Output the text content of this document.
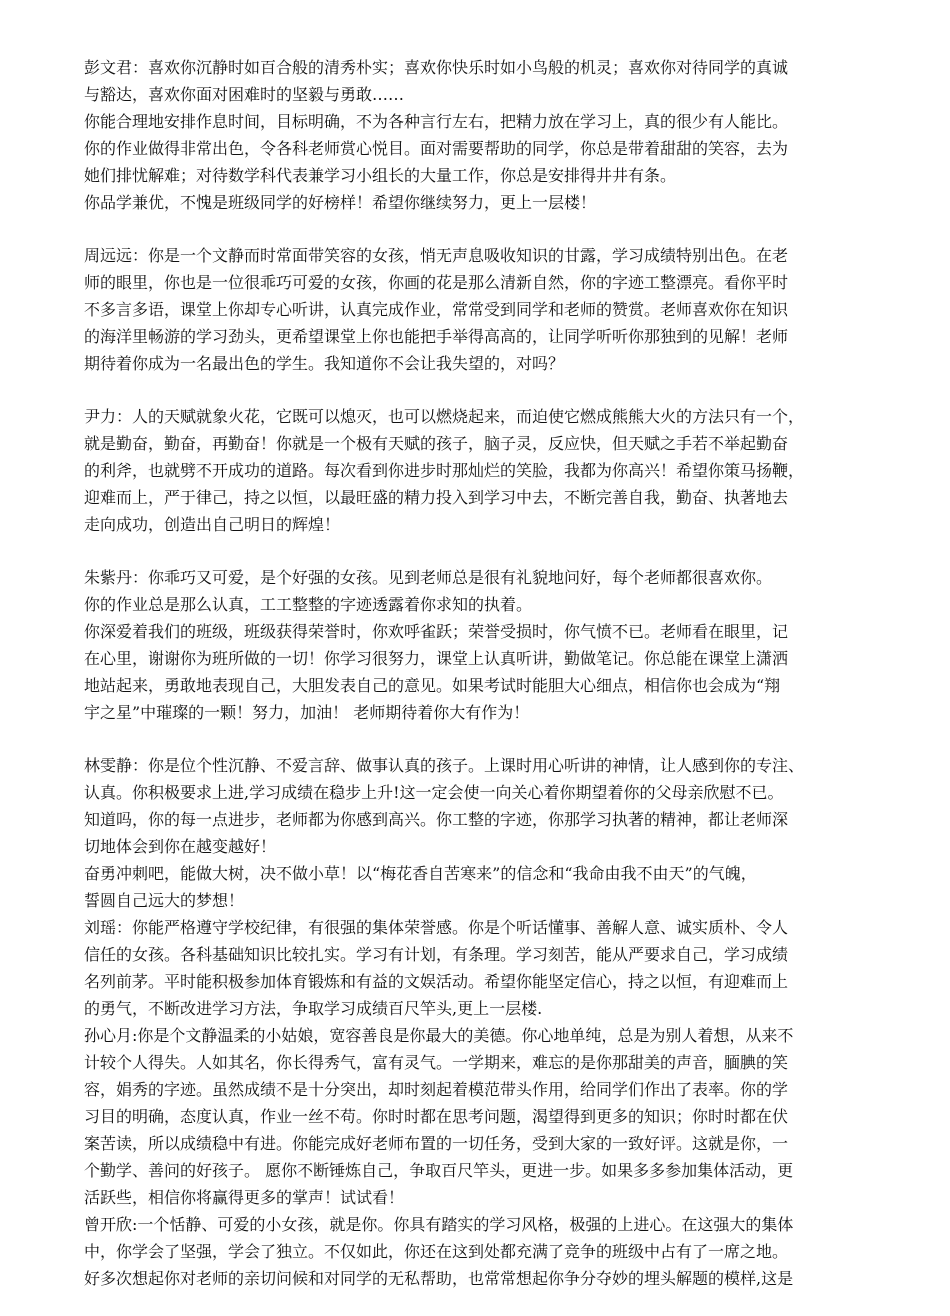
彭文君：喜欢你沉静时如百合般的清秀朴实；喜欢你快乐时如小鸟般的机灵；喜欢你对待同学的真诚
与豁达，喜欢你面对困难时的坚毅与勇敢……
你能合理地安排作息时间，目标明确，不为各种言行左右，把精力放在学习上，真的很少有人能比。
你的作业做得非常出色，令各科老师赏心悦目。面对需要帮助的同学，你总是带着甜甜的笑容，去为
她们排忧解难；对待数学科代表兼学习小组长的大量工作，你总是安排得井井有条。
你品学兼优，不愧是班级同学的好榜样！希望你继续努力，更上一层楼！
周远远：你是一个文静而时常面带笑容的女孩，悄无声息吸收知识的甘露，学习成绩特别出色。在老
师的眼里，你也是一位很乖巧可爱的女孩，你画的花是那么清新自然，你的字迹工整漂亮。看你平时
不多言多语，课堂上你却专心听讲，认真完成作业，常常受到同学和老师的赞赏。老师喜欢你在知识
的海洋里畅游的学习劲头，更希望课堂上你也能把手举得高高的，让同学听听你那独到的见解！老师
期待着你成为一名最出色的学生。我知道你不会让我失望的，对吗？
尹力：人的天赋就象火花，它既可以熄灭，也可以燃烧起来，而迫使它燃成熊熊大火的方法只有一个，
就是勤奋，勤奋，再勤奋！你就是一个极有天赋的孩子，脑子灵，反应快，但天赋之手若不举起勤奋
的利斧，也就劈不开成功的道路。每次看到你进步时那灿烂的笑脸，我都为你高兴！希望你策马扬鞭，
迎难而上，严于律己，持之以恒，以最旺盛的精力投入到学习中去，不断完善自我，勤奋、执著地去
走向成功，创造出自己明日的辉煌！
朱紫丹：你乖巧又可爱，是个好强的女孩。见到老师总是很有礼貌地问好，每个老师都很喜欢你。
你的作业总是那么认真，工工整整的字迹透露着你求知的执着。
你深爱着我们的班级，班级获得荣誉时，你欢呼雀跃；荣誉受损时，你气愤不已。老师看在眼里，记
在心里，谢谢你为班所做的一切！你学习很努力，课堂上认真听讲，勤做笔记。你总能在课堂上潇洒
地站起来，勇敢地表现自己，大胆发表自己的意见。如果考试时能胆大心细点，相信你也会成为“翔
宇之星”中璀璨的一颗！努力，加油！ 老师期待着你大有作为！
林雯静：你是位个性沉静、不爱言辞、做事认真的孩子。上课时用心听讲的神情，让人感到你的专注、
认真。你积极要求上进,学习成绩在稳步上升!这一定会使一向关心着你期望着你的父母亲欣慰不已。
知道吗，你的每一点进步，老师都为你感到高兴。你工整的字迹，你那学习执著的精神，都让老师深
切地体会到你在越变越好！
奋勇冲刺吧，能做大树，决不做小草！以“梅花香自苦寒来”的信念和“我命由我不由天”的气魄，
誓圆自己远大的梦想！
刘瑶：你能严格遵守学校纪律，有很强的集体荣誉感。你是个听话懂事、善解人意、诚实质朴、令人
信任的女孩。各科基础知识比较扎实。学习有计划，有条理。学习刻苦，能从严要求自己，学习成绩
名列前茅。平时能积极参加体育锻炼和有益的文娱活动。希望你能坚定信心，持之以恒，有迎难而上
的勇气，不断改进学习方法，争取学习成绩百尺竿头,更上一层楼.
孙心月:你是个文静温柔的小姑娘，宽容善良是你最大的美德。你心地单纯，总是为别人着想，从来不
计较个人得失。人如其名，你长得秀气，富有灵气。一学期来，难忘的是你那甜美的声音，腼腆的笑
容，娟秀的字迹。虽然成绩不是十分突出，却时刻起着模范带头作用，给同学们作出了表率。你的学
习目的明确，态度认真，作业一丝不苟。你时时都在思考问题，渴望得到更多的知识；你时时都在伏
案苦读，所以成绩稳中有进。你能完成好老师布置的一切任务，受到大家的一致好评。这就是你，一
个勤学、善问的好孩子。 愿你不断锤炼自己，争取百尺竿头，更进一步。如果多多参加集体活动，更
活跃些，相信你将赢得更多的掌声！试试看！
曾开欣:一个恬静、可爱的小女孩，就是你。你具有踏实的学习风格，极强的上进心。在这强大的集体
中，你学会了坚强，学会了独立。不仅如此，你还在这到处都充满了竞争的班级中占有了一席之地。
好多次想起你对老师的亲切问候和对同学的无私帮助，也常常想起你争分夺妙的埋头解题的模样,这是
